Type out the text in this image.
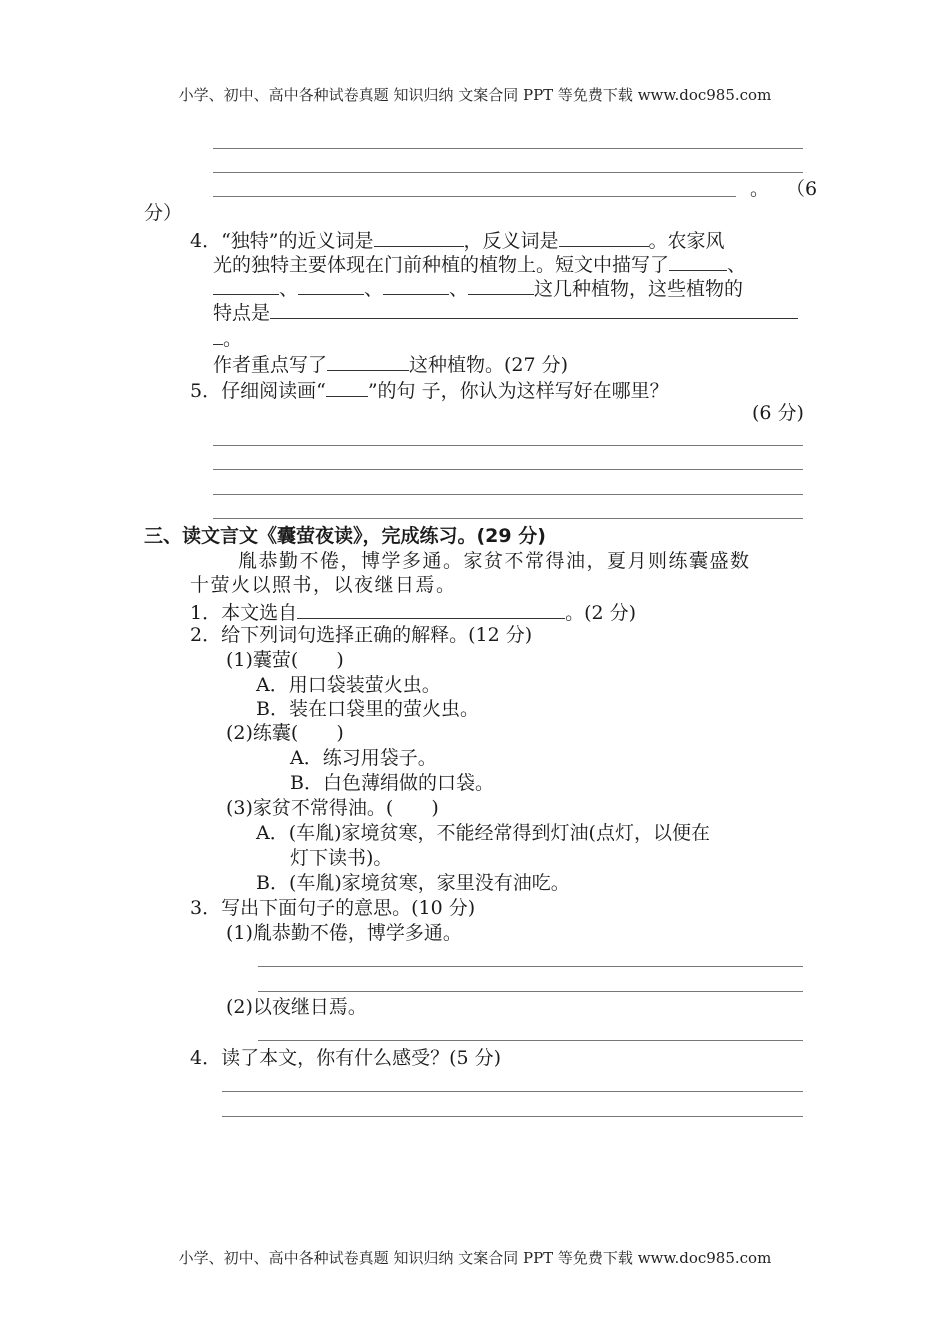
小学、初中、高中各种试卷真题 知识归纳 文案合同 PPT 等免费下载 www.doc985.com
。 （6
分）
4．“独特”的近义词是	，反义词是	。农家风
光的独特主要体现在门前种植的植物上。短文中描写了	、
、	、	、	这几种植物，这些植物的
特点是
。
作者重点写了	这种植物。(27 分)
5．仔细阅读画“ ”的句 子，你认为这样写好在哪里？
(6 分)
三、读文言文《囊萤夜读》，完成练习。(29 分)
胤恭勤不倦，博学多通。家贫不常得油，夏月则练囊盛数
十萤火以照书，以夜继日焉。
1．本文选自	。(2 分)
2．给下列词句选择正确的解释。(12 分)
(1)囊萤(　　)
A．用口袋装萤火虫。
B．装在口袋里的萤火虫。
(2)练囊(　　)
A．练习用袋子。
B．白色薄绢做的口袋。
(3)家贫不常得油。(　　)
A．(车胤)家境贫寒，不能经常得到灯油(点灯，以便在
灯下读书)。
B．(车胤)家境贫寒，家里没有油吃。
3．写出下面句子的意思。(10 分)
(1)胤恭勤不倦，博学多通。
(2)以夜继日焉。
4．读了本文，你有什么感受？(5 分)
小学、初中、高中各种试卷真题 知识归纳 文案合同 PPT 等免费下载 www.doc985.com
